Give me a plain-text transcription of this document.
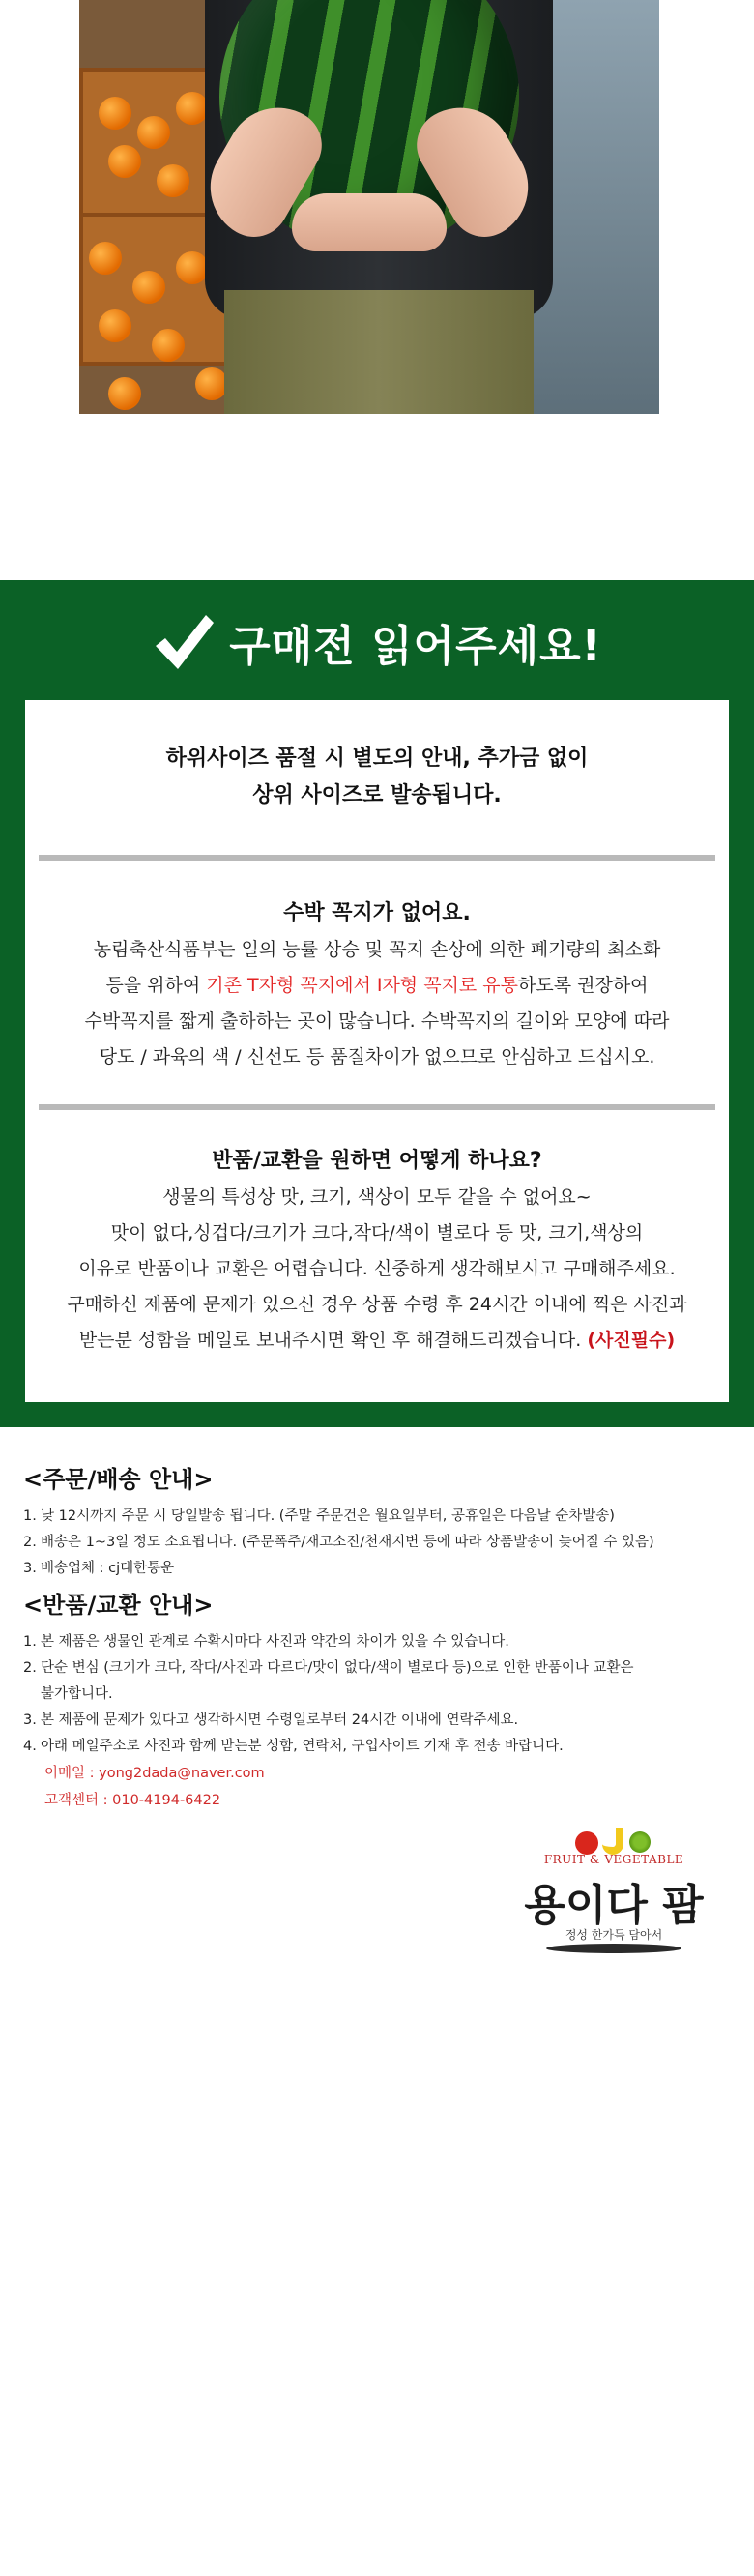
구매전 읽어주세요!
하위사이즈 품절 시 별도의 안내, 추가금 없이
상위 사이즈로 발송됩니다.
수박 꼭지가 없어요.
농림축산식품부는 일의 능률 상승 및 꼭지 손상에 의한 폐기량의 최소화
등을 위하여 기존 T자형 꼭지에서 I자형 꼭지로 유통하도록 권장하여
수박꼭지를 짧게 출하하는 곳이 많습니다. 수박꼭지의 길이와 모양에 따라
당도 / 과육의 색 / 신선도 등 품질차이가 없으므로 안심하고 드십시오.
반품/교환을 원하면 어떻게 하나요?
생물의 특성상 맛, 크기, 색상이 모두 같을 수 없어요~
맛이 없다,싱겁다/크기가 크다,작다/색이 별로다 등 맛, 크기,색상의
이유로 반품이나 교환은 어렵습니다. 신중하게 생각해보시고 구매해주세요.
구매하신 제품에 문제가 있으신 경우 상품 수령 후 24시간 이내에 찍은 사진과
받는분 성함을 메일로 보내주시면 확인 후 해결해드리겠습니다. (사진필수)
<주문/배송 안내>
1. 낮 12시까지 주문 시 당일발송 됩니다. (주말 주문건은 월요일부터, 공휴일은 다음날 순차발송)
2. 배송은 1~3일 정도 소요됩니다. (주문폭주/재고소진/천재지변 등에 따라 상품발송이 늦어질 수 있음)
3. 배송업체 : cj대한통운
<반품/교환 안내>
1. 본 제품은 생물인 관계로 수확시마다 사진과 약간의 차이가 있을 수 있습니다.
2. 단순 변심 (크기가 크다, 작다/사진과 다르다/맛이 없다/색이 별로다 등)으로 인한 반품이나 교환은
불가합니다.
3. 본 제품에 문제가 있다고 생각하시면 수령일로부터 24시간 이내에 연락주세요.
4. 아래 메일주소로 사진과 함께 받는분 성함, 연락처, 구입사이트 기재 후 전송 바랍니다.
이메일 : yong2dada@naver.com
고객센터 : 010-4194-6422
FRUIT & VEGETABLE
용이다 팜
정성 한가득 담아서
